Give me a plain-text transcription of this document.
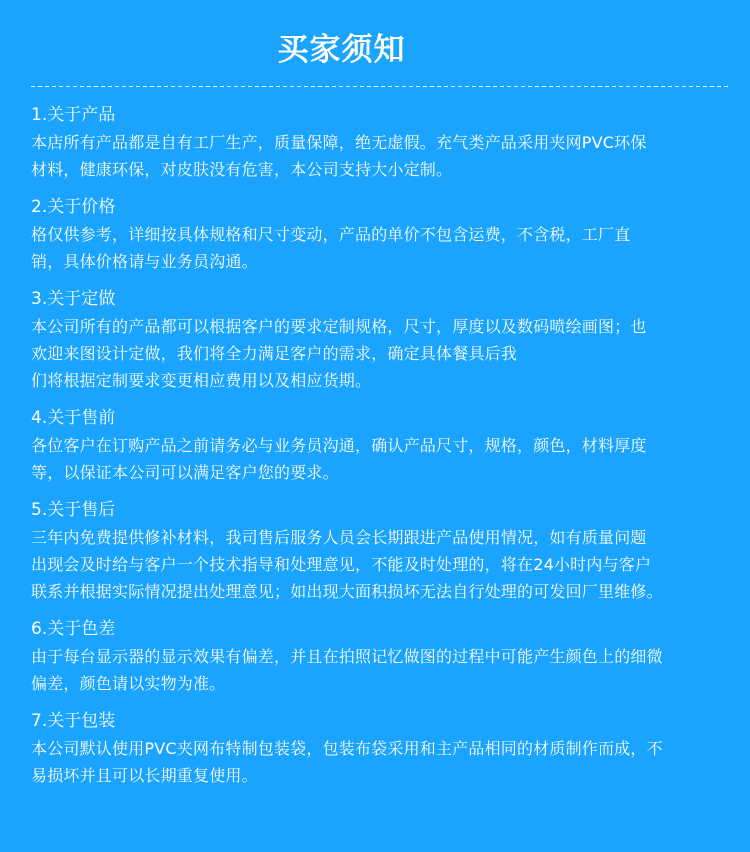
买家须知
1.关于产品
本店所有产品都是自有工厂生产，质量保障，绝无虚假。充气类产品采用夹网PVC环保
材料，健康环保，对皮肤没有危害，本公司支持大小定制。
2.关于价格
格仅供参考，详细按具体规格和尺寸变动，产品的单价不包含运费，不含税，工厂直
销，具体价格请与业务员沟通。
3.关于定做
本公司所有的产品都可以根据客户的要求定制规格，尺寸，厚度以及数码喷绘画图；也
欢迎来图设计定做，我们将全力满足客户的需求，确定具体餐具后我
们将根据定制要求变更相应费用以及相应货期。
4.关于售前
各位客户在订购产品之前请务必与业务员沟通，确认产品尺寸，规格，颜色，材料厚度
等，以保证本公司可以满足客户您的要求。
5.关于售后
三年内免费提供修补材料，我司售后服务人员会长期跟进产品使用情况，如有质量问题
出现会及时给与客户一个技术指导和处理意见，不能及时处理的，将在24小时内与客户
联系并根据实际情况提出处理意见；如出现大面积损坏无法自行处理的可发回厂里维修。
6.关于色差
由于每台显示器的显示效果有偏差，并且在拍照记忆做图的过程中可能产生颜色上的细微
偏差，颜色请以实物为准。
7.关于包装
本公司默认使用PVC夹网布特制包装袋，包装布袋采用和主产品相同的材质制作而成，不
易损坏并且可以长期重复使用。
